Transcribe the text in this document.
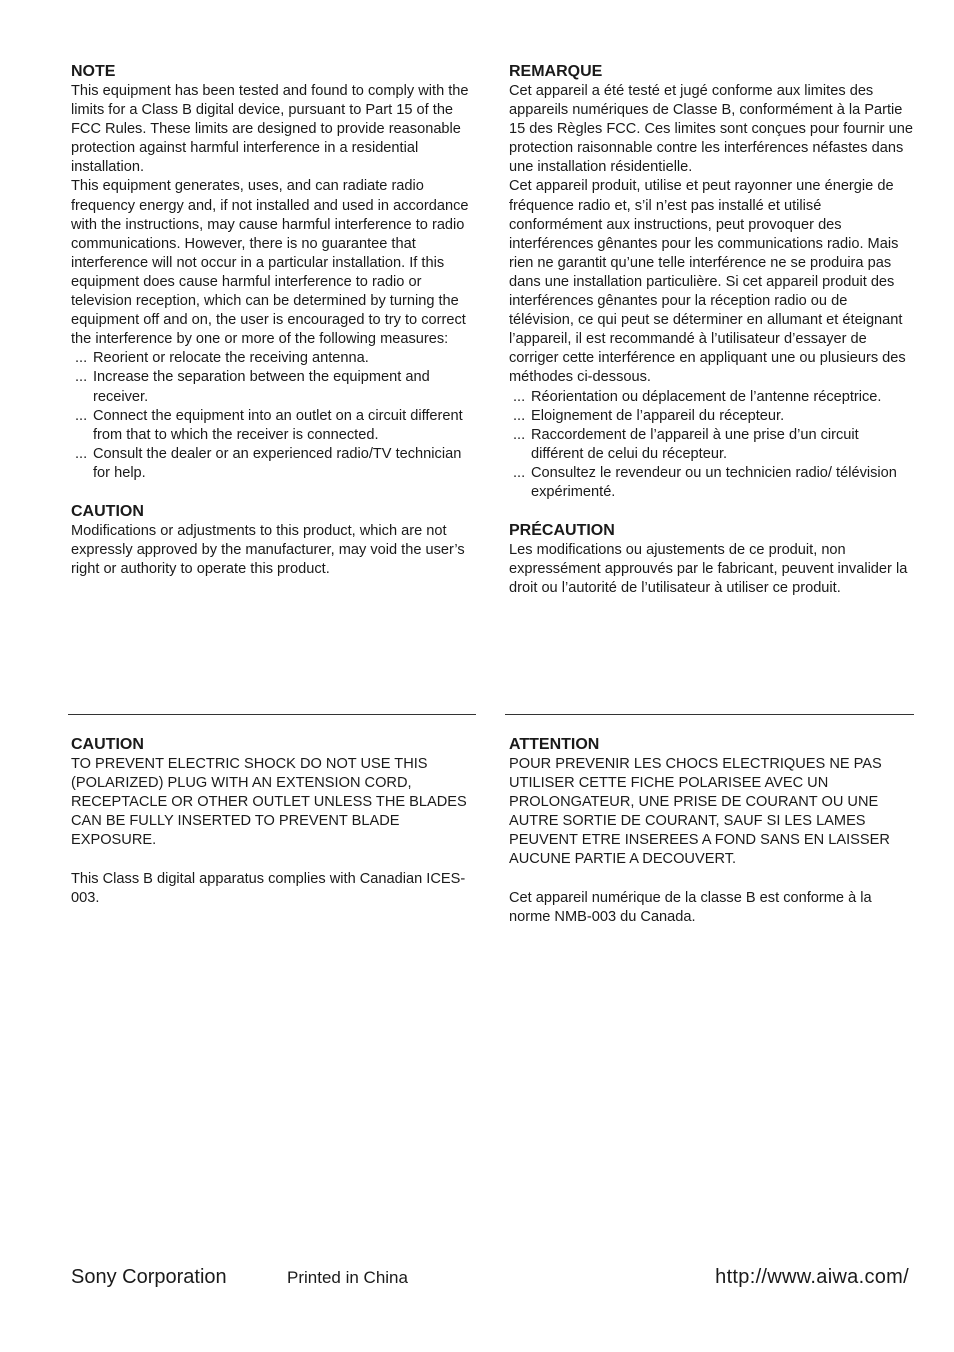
NOTE

This equipment has been tested and found to comply with the limits for a Class B digital device, pursuant to Part 15 of the FCC Rules. These limits are designed to provide reasonable protection against harmful interference in a residential installation.

This equipment generates, uses, and can radiate radio frequency energy and, if not installed and used in accordance with the instructions, may cause harmful interference to radio communications. However, there is no guarantee that interference will not occur in a particular installation. If this equipment does cause harmful interference to radio or television reception, which can be determined by turning the equipment off and on, the user is encouraged to try to correct the interference by one or more of the following measures:

... Reorient or relocate the receiving antenna.
... Increase the separation between the equipment and receiver.
... Connect the equipment into an outlet on a circuit different from that to which the receiver is connected.
... Consult the dealer or an experienced radio/TV technician for help.
CAUTION

Modifications or adjustments to this product, which are not expressly approved by the manufacturer, may void the user’s right or authority to operate this product.

REMARQUE

Cet appareil a été testé et jugé conforme aux limites des appareils numériques de Classe B, conformément à la Partie 15 des Règles FCC. Ces limites sont conçues pour fournir une protection raisonnable contre les interférences néfastes dans une installation résidentielle.

Cet appareil produit, utilise et peut rayonner une énergie de fréquence radio et, s’il n’est pas installé et utilisé conformément aux instructions, peut provoquer des interférences gênantes pour les communications radio. Mais rien ne garantit qu’une telle interférence ne se produira pas dans une installation particulière. Si cet appareil produit des interférences gênantes pour la réception radio ou de télévision, ce qui peut se déterminer en allumant et éteignant l’appareil, il est recommandé à l’utilisateur d’essayer de corriger cette interférence en appliquant une ou plusieurs des méthodes ci-dessous.

... Réorientation ou déplacement de l’antenne réceptrice.
... Eloignement de l’appareil du récepteur.
... Raccordement de l’appareil à une prise d’un circuit différent de celui du récepteur.
... Consultez le revendeur ou un technicien radio/ télévision expérimenté.
PRÉCAUTION

Les modifications ou ajustements de ce produit, non expressément approuvés par le fabricant, peuvent invalider la droit ou l’autorité de l’utilisateur à utiliser ce produit.

CAUTION

TO PREVENT ELECTRIC SHOCK DO NOT USE THIS (POLARIZED) PLUG WITH AN EXTENSION CORD, RECEPTACLE OR OTHER OUTLET UNLESS THE BLADES CAN BE FULLY INSERTED TO PREVENT BLADE EXPOSURE.

This Class B digital apparatus complies with Canadian ICES-003.

ATTENTION

POUR PREVENIR LES CHOCS ELECTRIQUES NE PAS UTILISER CETTE FICHE POLARISEE AVEC UN PROLONGATEUR, UNE PRISE DE COURANT OU UNE AUTRE SORTIE DE COURANT, SAUF SI LES LAMES PEUVENT ETRE INSEREES A FOND SANS EN LAISSER AUCUNE PARTIE A DECOUVERT.

Cet appareil numérique de la classe B est conforme à la norme NMB-003 du Canada.

Sony Corporation	Printed in China	http://www.aiwa.com/
